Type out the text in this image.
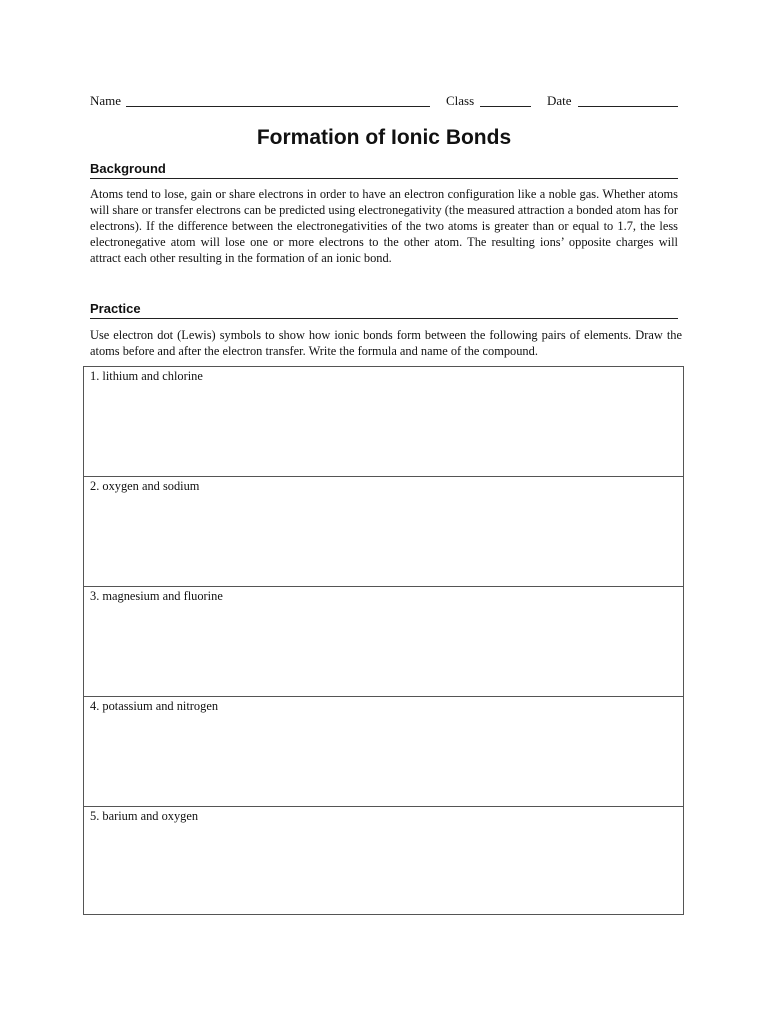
Name	Class	Date
Formation of Ionic Bonds
Background
Atoms tend to lose, gain or share electrons in order to have an electron configuration like a noble gas. Whether atoms will share or transfer electrons can be predicted using electronegativity (the measured attraction a bonded atom has for electrons). If the difference between the electronegativities of the two atoms is greater than or equal to 1.7, the less electronegative atom will lose one or more electrons to the other atom. The resulting ions’ opposite charges will attract each other resulting in the formation of an ionic bond.
Practice
Use electron dot (Lewis) symbols to show how ionic bonds form between the following pairs of elements. Draw the atoms before and after the electron transfer. Write the formula and name of the compound.
1. lithium and chlorine
2. oxygen and sodium
3. magnesium and fluorine
4. potassium and nitrogen
5. barium and oxygen
